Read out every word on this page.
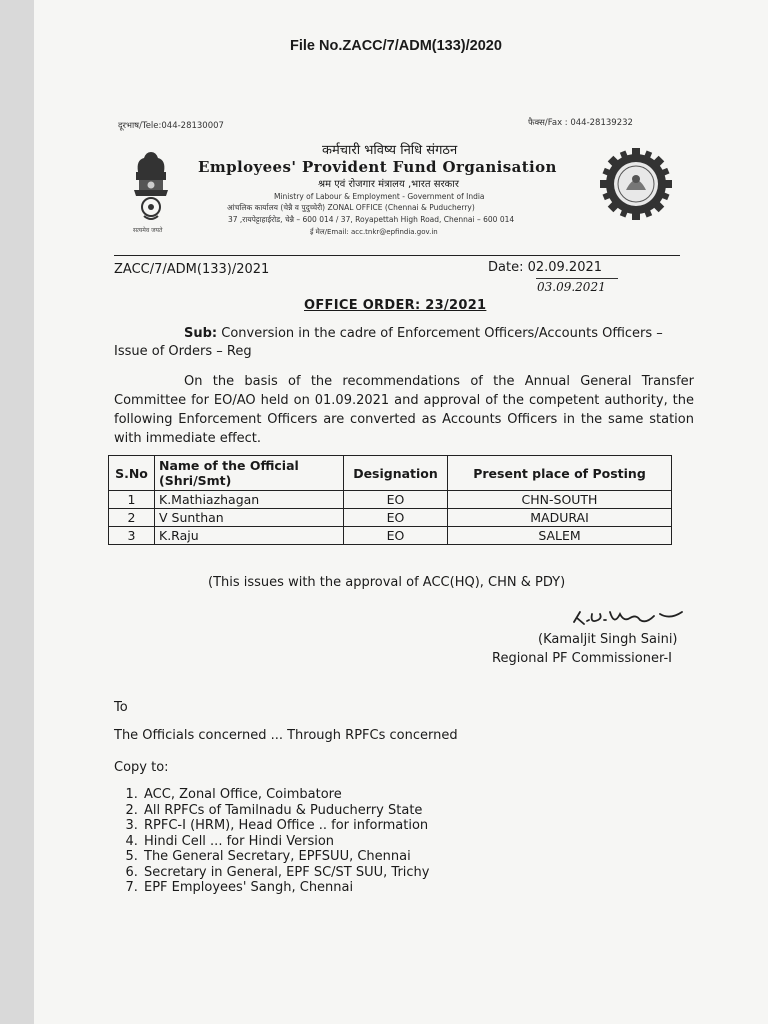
File No.ZACC/7/ADM(133)/2020
दूरभाष/Tele:044-28130007	फैक्स/Fax : 044-28139232
सत्यमेव जयते
कर्मचारी भविष्य निधि संगठन
Employees' Provident Fund Organisation
श्रम एवं रोजगार मंत्रालय ,भारत सरकार
Ministry of Labour & Employment - Government of India
आंचलिक कार्यालय (चेन्नै व पुदुच्चेरी) ZONAL OFFICE (Chennai & Puducherry)
37 ,रायपेट्टाहाईरोड, चेन्नै – 600 014 / 37, Royapettah High Road, Chennai – 600 014
ई मेल/Email: acc.tnkr@epfindia.gov.in
ZACC/7/ADM(133)/2021	Date: 02.09.2021
03.09.2021
OFFICE ORDER: 23/2021
Sub: Conversion in the cadre of Enforcement Officers/Accounts Officers – Issue of Orders – Reg
On the basis of the recommendations of the Annual General Transfer Committee for EO/AO held on 01.09.2021 and approval of the competent authority, the following Enforcement Officers are converted as Accounts Officers in the same station with immediate effect.
S.No	Name of the Official (Shri/Smt)	Designation	Present place of Posting
1	K.Mathiazhagan	EO	CHN-SOUTH
2	V Sunthan	EO	MADURAI
3	K.Raju	EO	SALEM
(This issues with the approval of ACC(HQ), CHN & PDY)
(Kamaljit Singh Saini)
Regional PF Commissioner-I
To
The Officials concerned ... Through RPFCs concerned
Copy to:
1. ACC, Zonal Office, Coimbatore
2. All RPFCs of Tamilnadu & Puducherry State
3. RPFC-I (HRM), Head Office .. for information
4. Hindi Cell ... for Hindi Version
5. The General Secretary, EPFSUU, Chennai
6. Secretary in General, EPF SC/ST SUU, Trichy
7. EPF Employees' Sangh, Chennai
